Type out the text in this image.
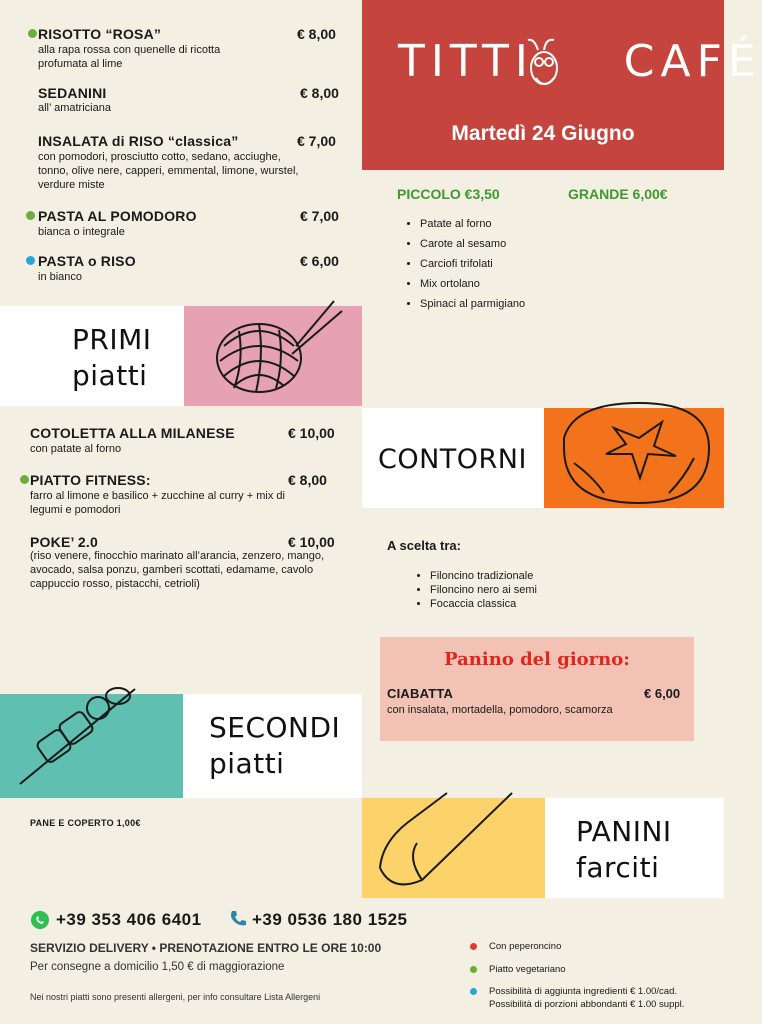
TITTI CAFÉ
Martedì 24 Giugno
RISOTTO “ROSA”	€ 8,00
alla rapa rossa con quenelle di ricotta profumata al lime
SEDANINI	€ 8,00
all’ amatriciana
INSALATA di RISO “classica”	€ 7,00
con pomodori, prosciutto cotto, sedano, acciughe, tonno, olive nere, capperi, emmental, limone, wurstel, verdure miste
PASTA AL POMODORO	€ 7,00
bianca o integrale
PASTA o RISO	€ 6,00
in bianco
PICCOLO €3,50	GRANDE 6,00€
• Patate al forno
• Carote al sesamo
• Carciofi trifolati
• Mix ortolano
• Spinaci al parmigiano
PRIMI
piatti
CONTORNI
COTOLETTA ALLA MILANESE	€ 10,00
con patate al forno
PIATTO FITNESS:	€ 8,00
farro al limone e basilico + zucchine al curry + mix di legumi e pomodori
POKE’ 2.0	€ 10,00
(riso venere, finocchio marinato all’arancia, zenzero, mango, avocado, salsa ponzu, gamberi scottati, edamame, cavolo cappuccio rosso, pistacchi, cetrioli)
A scelta tra:
• Filoncino tradizionale
• Filoncino nero ai semi
• Focaccia classica
Panino del giorno:
CIABATTA	€ 6,00
con insalata, mortadella, pomodoro, scamorza
SECONDI
piatti
PANE E COPERTO 1,00€	PANINI
farciti
+39 353 406 6401	+39 0536 180 1525
SERVIZIO DELIVERY • PRENOTAZIONE ENTRO LE ORE 10:00
Per consegne a domicilio 1,50 € di maggiorazione
Nei nostri piatti sono presenti allergeni, per info consultare Lista Allergeni
Con peperoncino
Piatto vegetariano
Possibilità di aggiunta ingredienti € 1.00/cad.
Possibilità di porzioni abbondanti € 1.00 suppl.
